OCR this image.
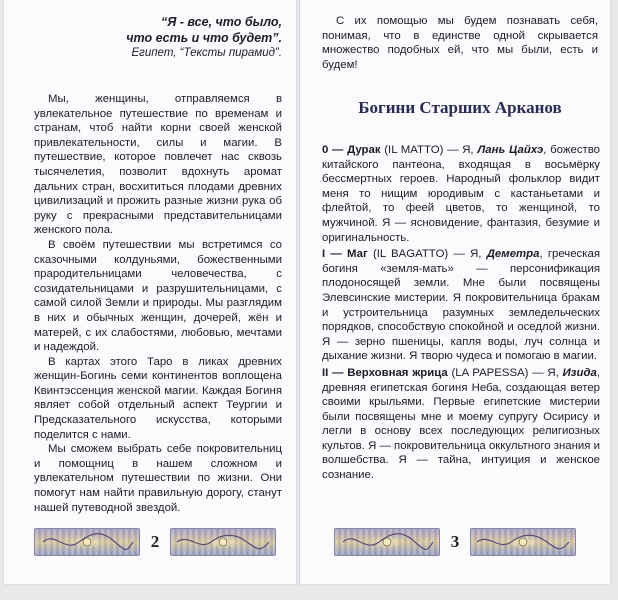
“Я - все, что было,
что есть и что будет”.
Египет, “Тексты пирамид”.

Мы, женщины, отправляемся в увлекательное путешествие по временам и странам, чтоб найти корни своей женской привлекательности, силы и магии. В путешествие, которое повлечет нас сквозь тысячелетия, позволит вдохнуть аромат дальних стран, восхититься плодами древних цивилизаций и прожить разные жизни рука об руку с прекрасными представительницами женского пола.

В своём путешествии мы встретимся со сказочными колдуньями, божественными прародительницами человечества, с созидательницами и разрушительницами, с самой силой Земли и природы. Мы разглядим в них и обычных женщин, дочерей, жён и матерей, с их слабостями, любовью, мечтами и надеждой.

В картах этого Таро в ликах древних женщин-Богинь семи континентов воплощена Квинтэссенция женской магии. Каждая Богиня являет собой отдельный аспект Теургии и Предсказательного искусства, которыми поделится с нами.

Мы сможем выбрать себе покровительниц и помощниц в нашем сложном и увлекательном путешествии по жизни. Они помогут нам найти правильную дорогу, станут нашей путеводной звездой.

2

С их помощью мы будем познавать себя, понимая, что в единстве одной скрывается множество подобных ей, что мы были, есть и будем!

Богини Старших Арканов

0 — Дурак (IL MATTO) — Я, Лань Цайхэ, божество китайского пантеона, входящая в восьмёрку бессмертных героев. Народный фольклор видит меня то нищим юродивым с кастаньетами и флейтой, то феей цветов, то женщиной, то мужчиной. Я — ясновидение, фантазия, безумие и оригинальность.

I — Маг (IL BAGATTO) — Я, Деметра, греческая богиня «земля-мать» — персонификация плодоносящей земли. Мне были посвящены Элевсинские мистерии. Я покровительница бракам и устроительница разумных земледельческих порядков, способствую спокойной и оседлой жизни. Я — зерно пшеницы, капля воды, луч солнца и дыхание жизни. Я творю чудеса и помогаю в магии.

II — Верховная жрица (LA PAPESSA) — Я, Изида, древняя египетская богиня Неба, создающая ветер своими крыльями. Первые египетские мистерии были посвящены мне и моему супругу Осирису и легли в основу всех последующих религиозных культов. Я — покровительница оккультного знания и волшебства. Я — тайна, интуиция и женское сознание.

3
